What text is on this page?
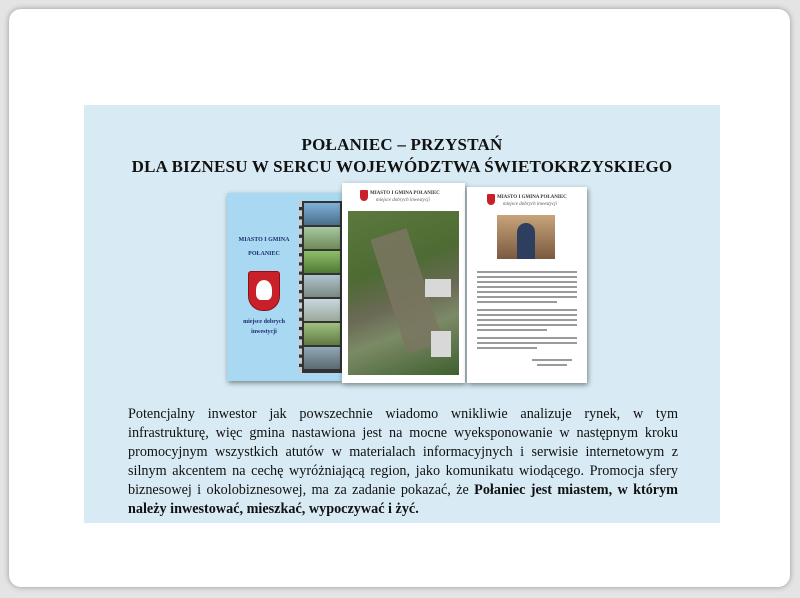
POŁANIEC – PRZYSTAŃ
DLA BIZNESU W SERCU WOJEWÓDZTWA ŚWIETOKRZYSKIEGO
MIASTO I GMINA
POŁANIEC
miejsce dobrych
inwestycji
MIASTO I GMINA POŁANIEC
miejsce dobrych inwestycji
MIASTO I GMINA POŁANIEC
miejsce dobrych inwestycji

Potencjalny inwestor jak powszechnie wiadomo wnikliwie analizuje rynek, w tym infrastrukturę, więc gmina nastawiona jest na mocne wyeksponowanie w następnym kroku promocyjnym wszystkich atutów w materialach informacyjnych i serwisie internetowym z silnym akcentem na cechę wyróżniającą region, jako komunikatu wiodącego. Promocja sfery biznesowej i okolobiznesowej, ma za zadanie pokazać, że Połaniec jest miastem, w którym należy inwestować, mieszkać, wypoczywać i żyć.
